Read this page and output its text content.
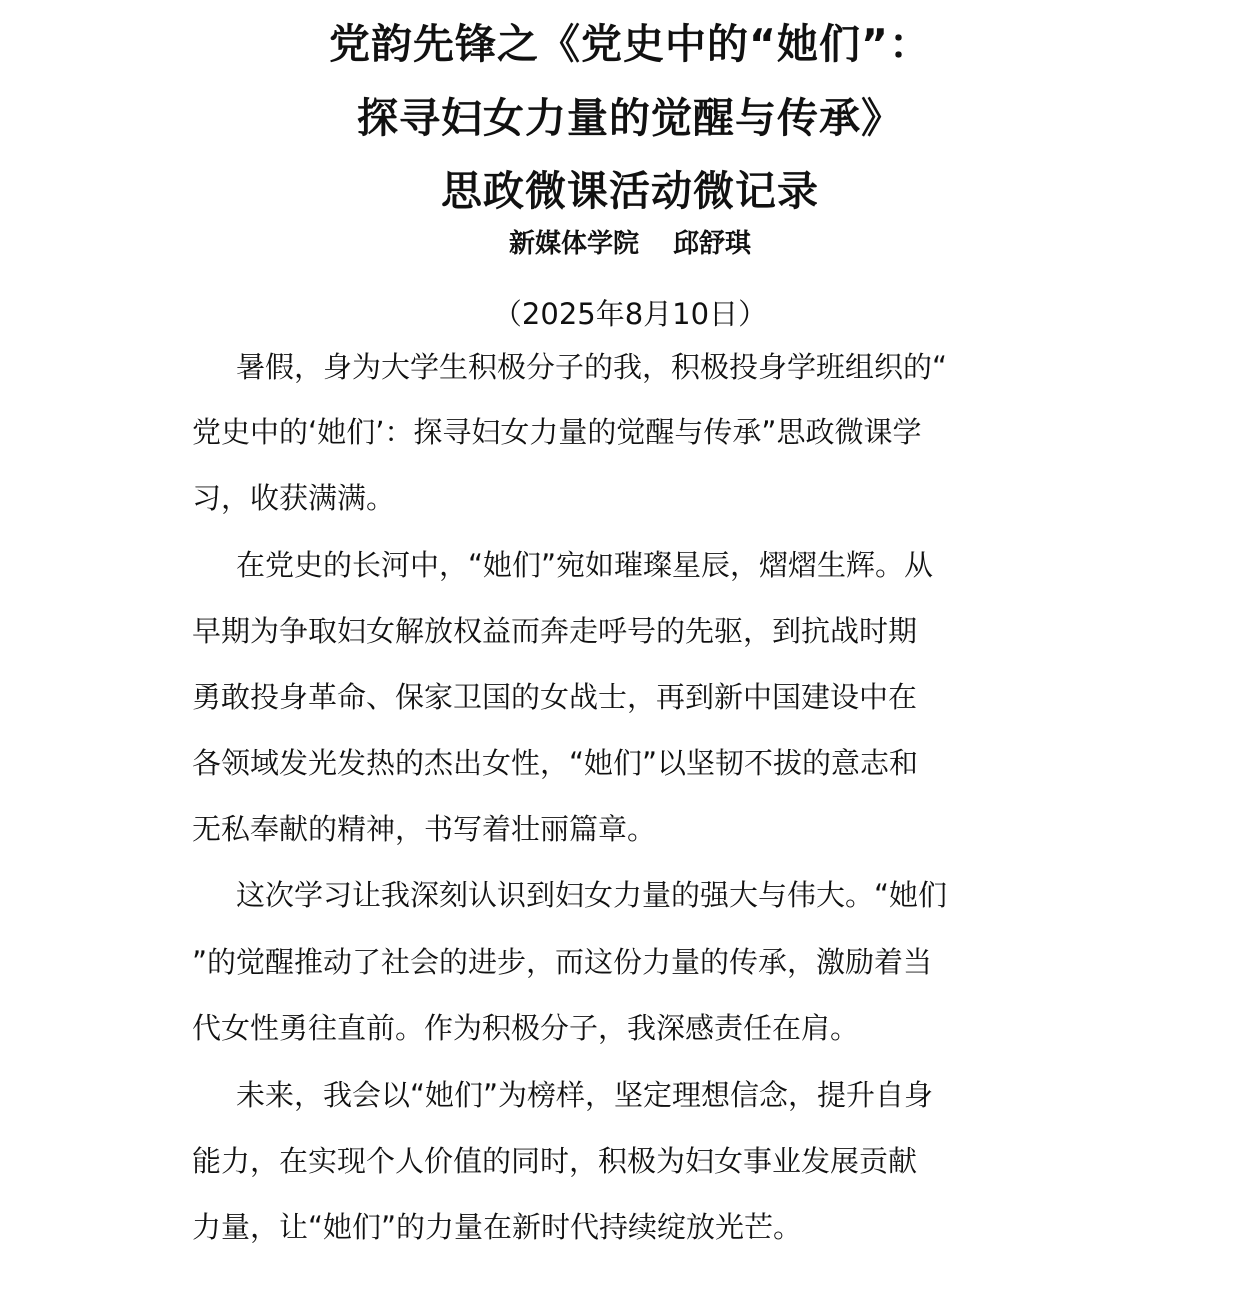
党韵先锋之《党史中的“她们”：
探寻妇女力量的觉醒与传承》
思政微课活动微记录
新媒体学院 邱舒琪
（2025年8月10日）
暑假，身为大学生积极分子的我，积极投身学班组织的“
党史中的‘她们’：探寻妇女力量的觉醒与传承”思政微课学
习，收获满满。
在党史的长河中，“她们”宛如璀璨星辰，熠熠生辉。从
早期为争取妇女解放权益而奔走呼号的先驱，到抗战时期
勇敢投身革命、保家卫国的女战士，再到新中国建设中在
各领域发光发热的杰出女性，“她们”以坚韧不拔的意志和
无私奉献的精神，书写着壮丽篇章。
这次学习让我深刻认识到妇女力量的强大与伟大。“她们
”的觉醒推动了社会的进步，而这份力量的传承，激励着当
代女性勇往直前。作为积极分子，我深感责任在肩。
未来，我会以“她们”为榜样，坚定理想信念，提升自身
能力，在实现个人价值的同时，积极为妇女事业发展贡献
力量，让“她们”的力量在新时代持续绽放光芒。
